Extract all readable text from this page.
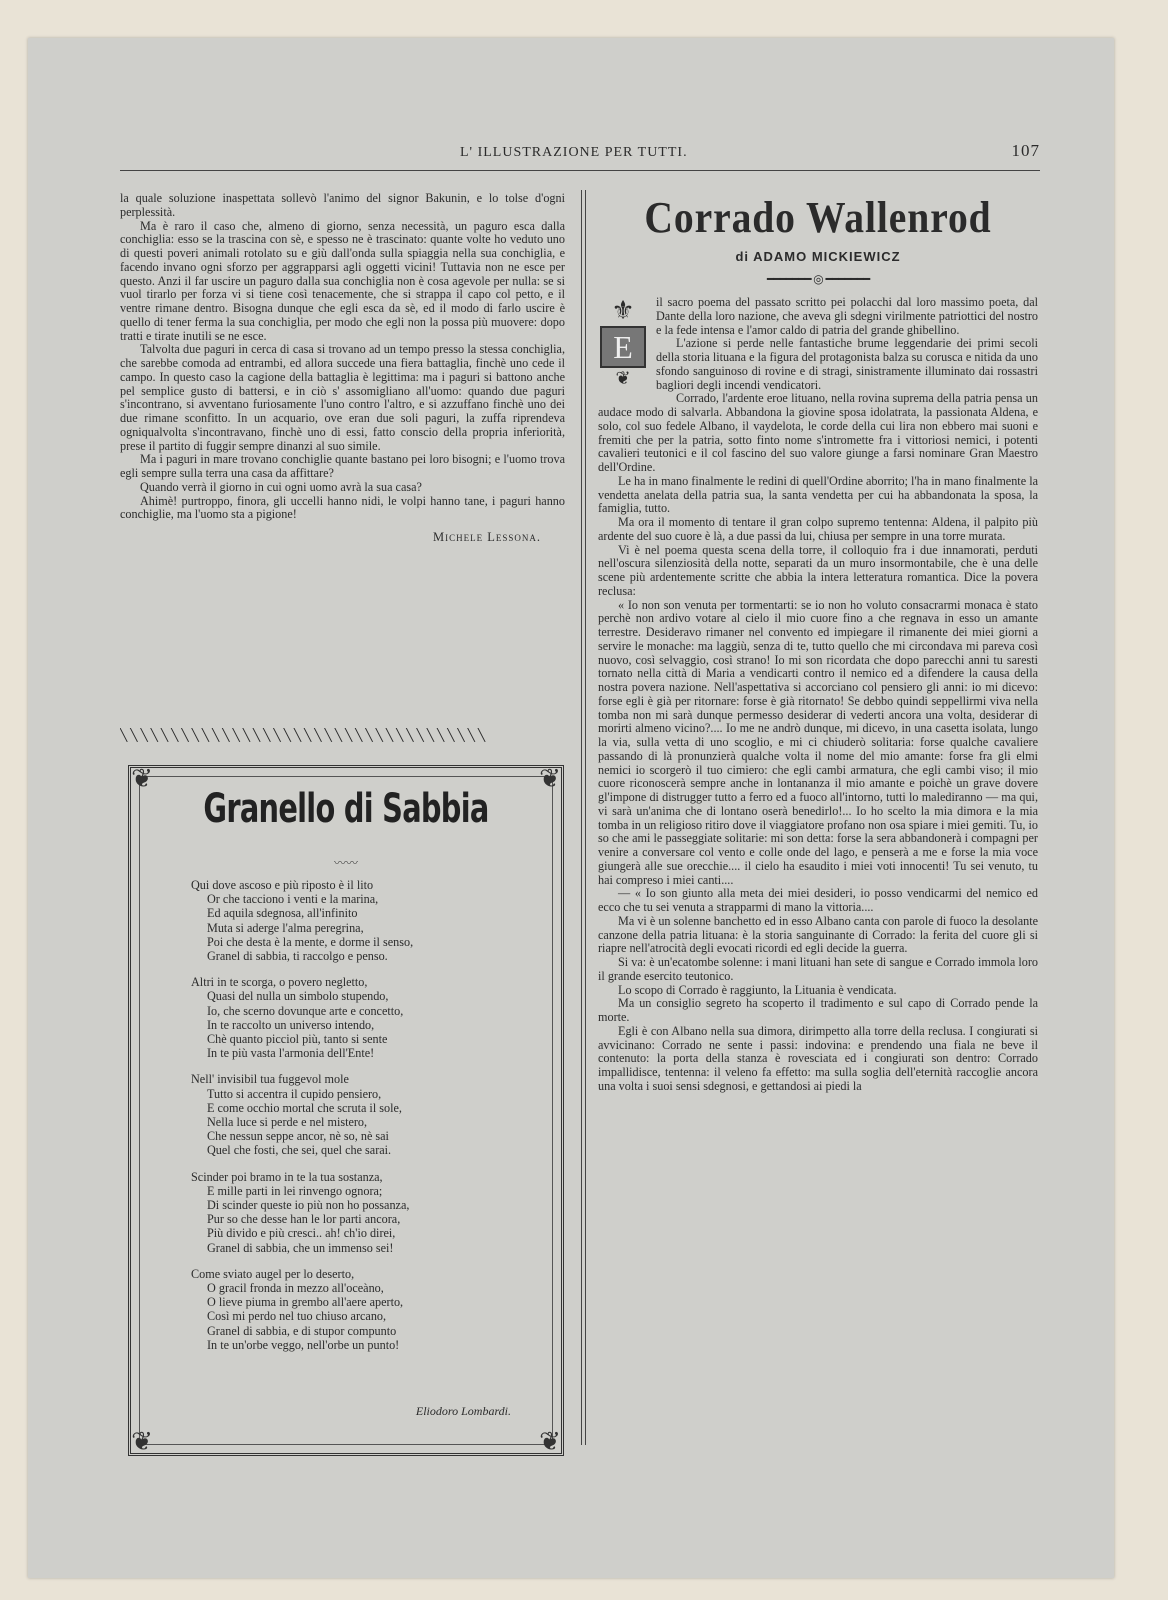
L' ILLUSTRAZIONE PER TUTTI.	107

la quale soluzione inaspettata sollevò l'animo del signor Bakunin, e lo tolse d'ogni perplessità.

Ma è raro il caso che, almeno di giorno, senza necessità, un paguro esca dalla conchiglia: esso se la trascina con sè, e spesso ne è trascinato: quante volte ho veduto uno di questi poveri animali rotolato su e giù dall'onda sulla spiaggia nella sua conchiglia, e facendo invano ogni sforzo per aggrapparsi agli oggetti vicini! Tuttavia non ne esce per questo. Anzi il far uscire un paguro dalla sua conchiglia non è cosa agevole per nulla: se si vuol tirarlo per forza vi si tiene così tenacemente, che si strappa il capo col petto, e il ventre rimane dentro. Bisogna dunque che egli esca da sè, ed il modo di farlo uscire è quello di tener ferma la sua conchiglia, per modo che egli non la possa più muovere: dopo tratti e tirate inutili se ne esce.

Talvolta due paguri in cerca di casa si trovano ad un tempo presso la stessa conchiglia, che sarebbe comoda ad entrambi, ed allora succede una fiera battaglia, finchè uno cede il campo. In questo caso la cagione della battaglia è legittima: ma i paguri si battono anche pel semplice gusto di battersi, e in ciò s' assomigliano all'uomo: quando due paguri s'incontrano, si avventano furiosamente l'uno contro l'altro, e si azzuffano finchè uno dei due rimane sconfitto. In un acquario, ove eran due soli paguri, la zuffa riprendeva ogniqualvolta s'incontravano, finchè uno di essi, fatto conscio della propria inferiorità, prese il partito di fuggir sempre dinanzi al suo simile.

Ma i paguri in mare trovano conchiglie quante bastano pei loro bisogni; e l'uomo trova egli sempre sulla terra una casa da affittare?

Quando verrà il giorno in cui ogni uomo avrà la sua casa?

Ahimè! purtroppo, finora, gli uccelli hanno nidi, le volpi hanno tane, i paguri hanno conchiglie, ma l'uomo sta a pigione!

Michele Lessona.

╲╲╲╲╲╲╲╲╲╲╲╲╲╲╲╲╲╲╲╲╲╲╲╲╲╲╲╲╲╲╲╲╲╲╲╲
❦	❦
❦	❦
Granello di Sabbia
〰〰
Qui dove ascoso e più riposto è il lito
Or che tacciono i venti e la marina,
Ed aquila sdegnosa, all'infinito
Muta si aderge l'alma peregrina,
Poi che desta è la mente, e dorme il senso,
Granel di sabbia, ti raccolgo e penso.
Altri in te scorga, o povero negletto,
Quasi del nulla un simbolo stupendo,
Io, che scerno dovunque arte e concetto,
In te raccolto un universo intendo,
Chè quanto picciol più, tanto si sente
In te più vasta l'armonia dell'Ente!
Nell' invisibil tua fuggevol mole
Tutto si accentra il cupido pensiero,
E come occhio mortal che scruta il sole,
Nella luce si perde e nel mistero,
Che nessun seppe ancor, nè so, nè sai
Quel che fosti, che sei, quel che sarai.
Scinder poi bramo in te la tua sostanza,
E mille parti in lei rinvengo ognora;
Di scinder queste io più non ho possanza,
Pur so che desse han le lor parti ancora,
Più divido e più cresci.. ah! ch'io direi,
Granel di sabbia, che un immenso sei!
Come sviato augel per lo deserto,
O gracil fronda in mezzo all'oceàno,
O lieve piuma in grembo all'aere aperto,
Così mi perdo nel tuo chiuso arcano,
Granel di sabbia, e di stupor compunto
In te un'orbe veggo, nell'orbe un punto!
Eliodoro Lombardi.
Corrado Wallenrod

di ADAMO MICKIEWICZ

━━━━━━━ ◎ ━━━━━━━
⚜
E
❦

il sacro poema del passato scritto pei polacchi dal loro massimo poeta, dal Dante della loro nazione, che aveva gli sdegni virilmente patriottici del nostro e la fede intensa e l'amor caldo di patria del grande ghibellino.

L'azione si perde nelle fantastiche brume leggendarie dei primi secoli della storia lituana e la figura del protagonista balza su corusca e nitida da uno sfondo sanguinoso di rovine e di stragi, sinistramente illuminato dai rossastri bagliori degli incendi vendicatori.

Corrado, l'ardente eroe lituano, nella rovina suprema della patria pensa un audace modo di salvarla. Abbandona la giovine sposa idolatrata, la passionata Aldena, e solo, col suo fedele Albano, il vaydelota, le corde della cui lira non ebbero mai suoni e fremiti che per la patria, sotto finto nome s'intromette fra i vittoriosi nemici, i potenti cavalieri teutonici e il col fascino del suo valore giunge a farsi nominare Gran Maestro dell'Ordine.

Le ha in mano finalmente le redini di quell'Ordine aborrito; l'ha in mano finalmente la vendetta anelata della patria sua, la santa vendetta per cui ha abbandonata la sposa, la famiglia, tutto.

Ma ora il momento di tentare il gran colpo supremo tentenna: Aldena, il palpito più ardente del suo cuore è là, a due passi da lui, chiusa per sempre in una torre murata.

Vi è nel poema questa scena della torre, il colloquio fra i due innamorati, perduti nell'oscura silenziosità della notte, separati da un muro insormontabile, che è una delle scene più ardentemente scritte che abbia la intera letteratura romantica. Dice la povera reclusa:

« Io non son venuta per tormentarti: se io non ho voluto consacrarmi monaca è stato perchè non ardivo votare al cielo il mio cuore fino a che regnava in esso un amante terrestre. Desideravo rimaner nel convento ed impiegare il rimanente dei miei giorni a servire le monache: ma laggiù, senza di te, tutto quello che mi circondava mi pareva così nuovo, così selvaggio, così strano! Io mi son ricordata che dopo parecchi anni tu saresti tornato nella città di Maria a vendicarti contro il nemico ed a difendere la causa della nostra povera nazione. Nell'aspettativa si accorciano col pensiero gli anni: io mi dicevo: forse egli è già per ritornare: forse è già ritornato! Se debbo quindi seppellirmi viva nella tomba non mi sarà dunque permesso desiderar di vederti ancora una volta, desiderar di morirti almeno vicino?.... Io me ne andrò dunque, mi dicevo, in una casetta isolata, lungo la via, sulla vetta di uno scoglio, e mi ci chiuderò solitaria: forse qualche cavaliere passando di là pronunzierà qualche volta il nome del mio amante: forse fra gli elmi nemici io scorgerò il tuo cimiero: che egli cambi armatura, che egli cambi viso; il mio cuore riconoscerà sempre anche in lontananza il mio amante e poichè un grave dovere gl'impone di distrugger tutto a ferro ed a fuoco all'intorno, tutti lo malediranno — ma qui, vi sarà un'anima che di lontano oserà benedirlo!... Io ho scelto la mia dimora e la mia tomba in un religioso ritiro dove il viaggiatore profano non osa spiare i miei gemiti. Tu, io so che ami le passeggiate solitarie: mi son detta: forse la sera abbandonerà i compagni per venire a conversare col vento e colle onde del lago, e penserà a me e forse la mia voce giungerà alle sue orecchie.... il cielo ha esaudito i miei voti innocenti! Tu sei venuto, tu hai compreso i miei canti....

— « Io son giunto alla meta dei miei desideri, io posso vendicarmi del nemico ed ecco che tu sei venuta a strapparmi di mano la vittoria....

Ma vi è un solenne banchetto ed in esso Albano canta con parole di fuoco la desolante canzone della patria lituana: è la storia sanguinante di Corrado: la ferita del cuore gli si riapre nell'atrocità degli evocati ricordi ed egli decide la guerra.

Si va: è un'ecatombe solenne: i mani lituani han sete di sangue e Corrado immola loro il grande esercito teutonico.

Lo scopo di Corrado è raggiunto, la Lituania è vendicata.

Ma un consiglio segreto ha scoperto il tradimento e sul capo di Corrado pende la morte.

Egli è con Albano nella sua dimora, dirimpetto alla torre della reclusa. I congiurati si avvicinano: Corrado ne sente i passi: indovina: e prendendo una fiala ne beve il contenuto: la porta della stanza è rovesciata ed i congiurati son dentro: Corrado impallidisce, tentenna: il veleno fa effetto: ma sulla soglia dell'eternità raccoglie ancora una volta i suoi sensi sdegnosi, e gettandosi ai piedi la
